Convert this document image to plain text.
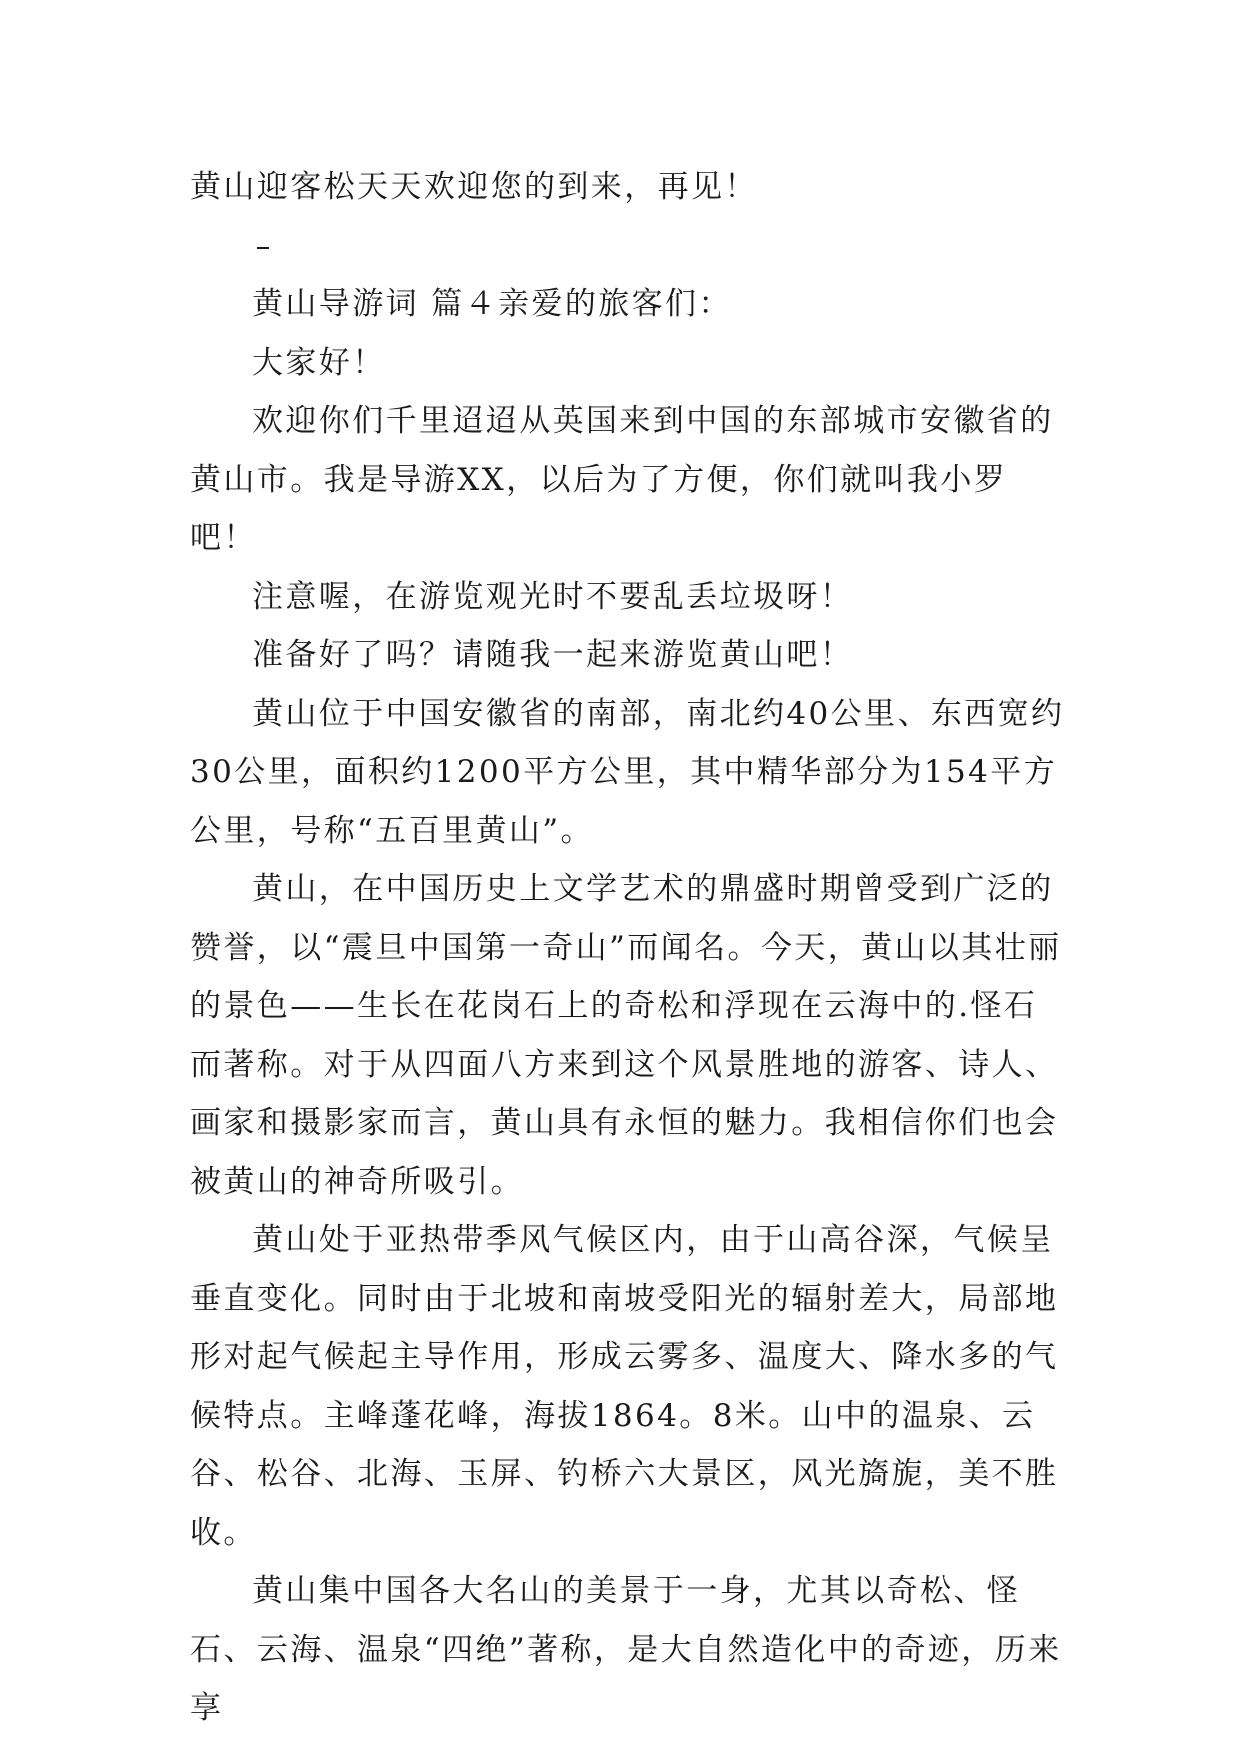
黄山迎客松天天欢迎您的到来，再见！

黄山导游词 篇４亲爱的旅客们：

大家好！

欢迎你们千里迢迢从英国来到中国的东部城市安徽省的黄山市。我是导游XX，以后为了方便，你们就叫我小罗吧！

注意喔，在游览观光时不要乱丢垃圾呀！

准备好了吗？请随我一起来游览黄山吧！

黄山位于中国安徽省的南部，南北约40公里、东西宽约30公里，面积约1200平方公里，其中精华部分为154平方公里，号称“五百里黄山”。

黄山，在中国历史上文学艺术的鼎盛时期曾受到广泛的赞誉，以“震旦中国第一奇山”而闻名。今天，黄山以其壮丽的景色——生长在花岗石上的奇松和浮现在云海中的.怪石而著称。对于从四面八方来到这个风景胜地的游客、诗人、画家和摄影家而言，黄山具有永恒的魅力。我相信你们也会被黄山的神奇所吸引。

黄山处于亚热带季风气候区内，由于山高谷深，气候呈垂直变化。同时由于北坡和南坡受阳光的辐射差大，局部地形对起气候起主导作用，形成云雾多、温度大、降水多的气候特点。主峰蓬花峰，海拔1864。8米。山中的温泉、云谷、松谷、北海、玉屏、钓桥六大景区，风光旖旎，美不胜收。

黄山集中国各大名山的美景于一身，尤其以奇松、怪石、云海、温泉“四绝”著称，是大自然造化中的奇迹，历来享
